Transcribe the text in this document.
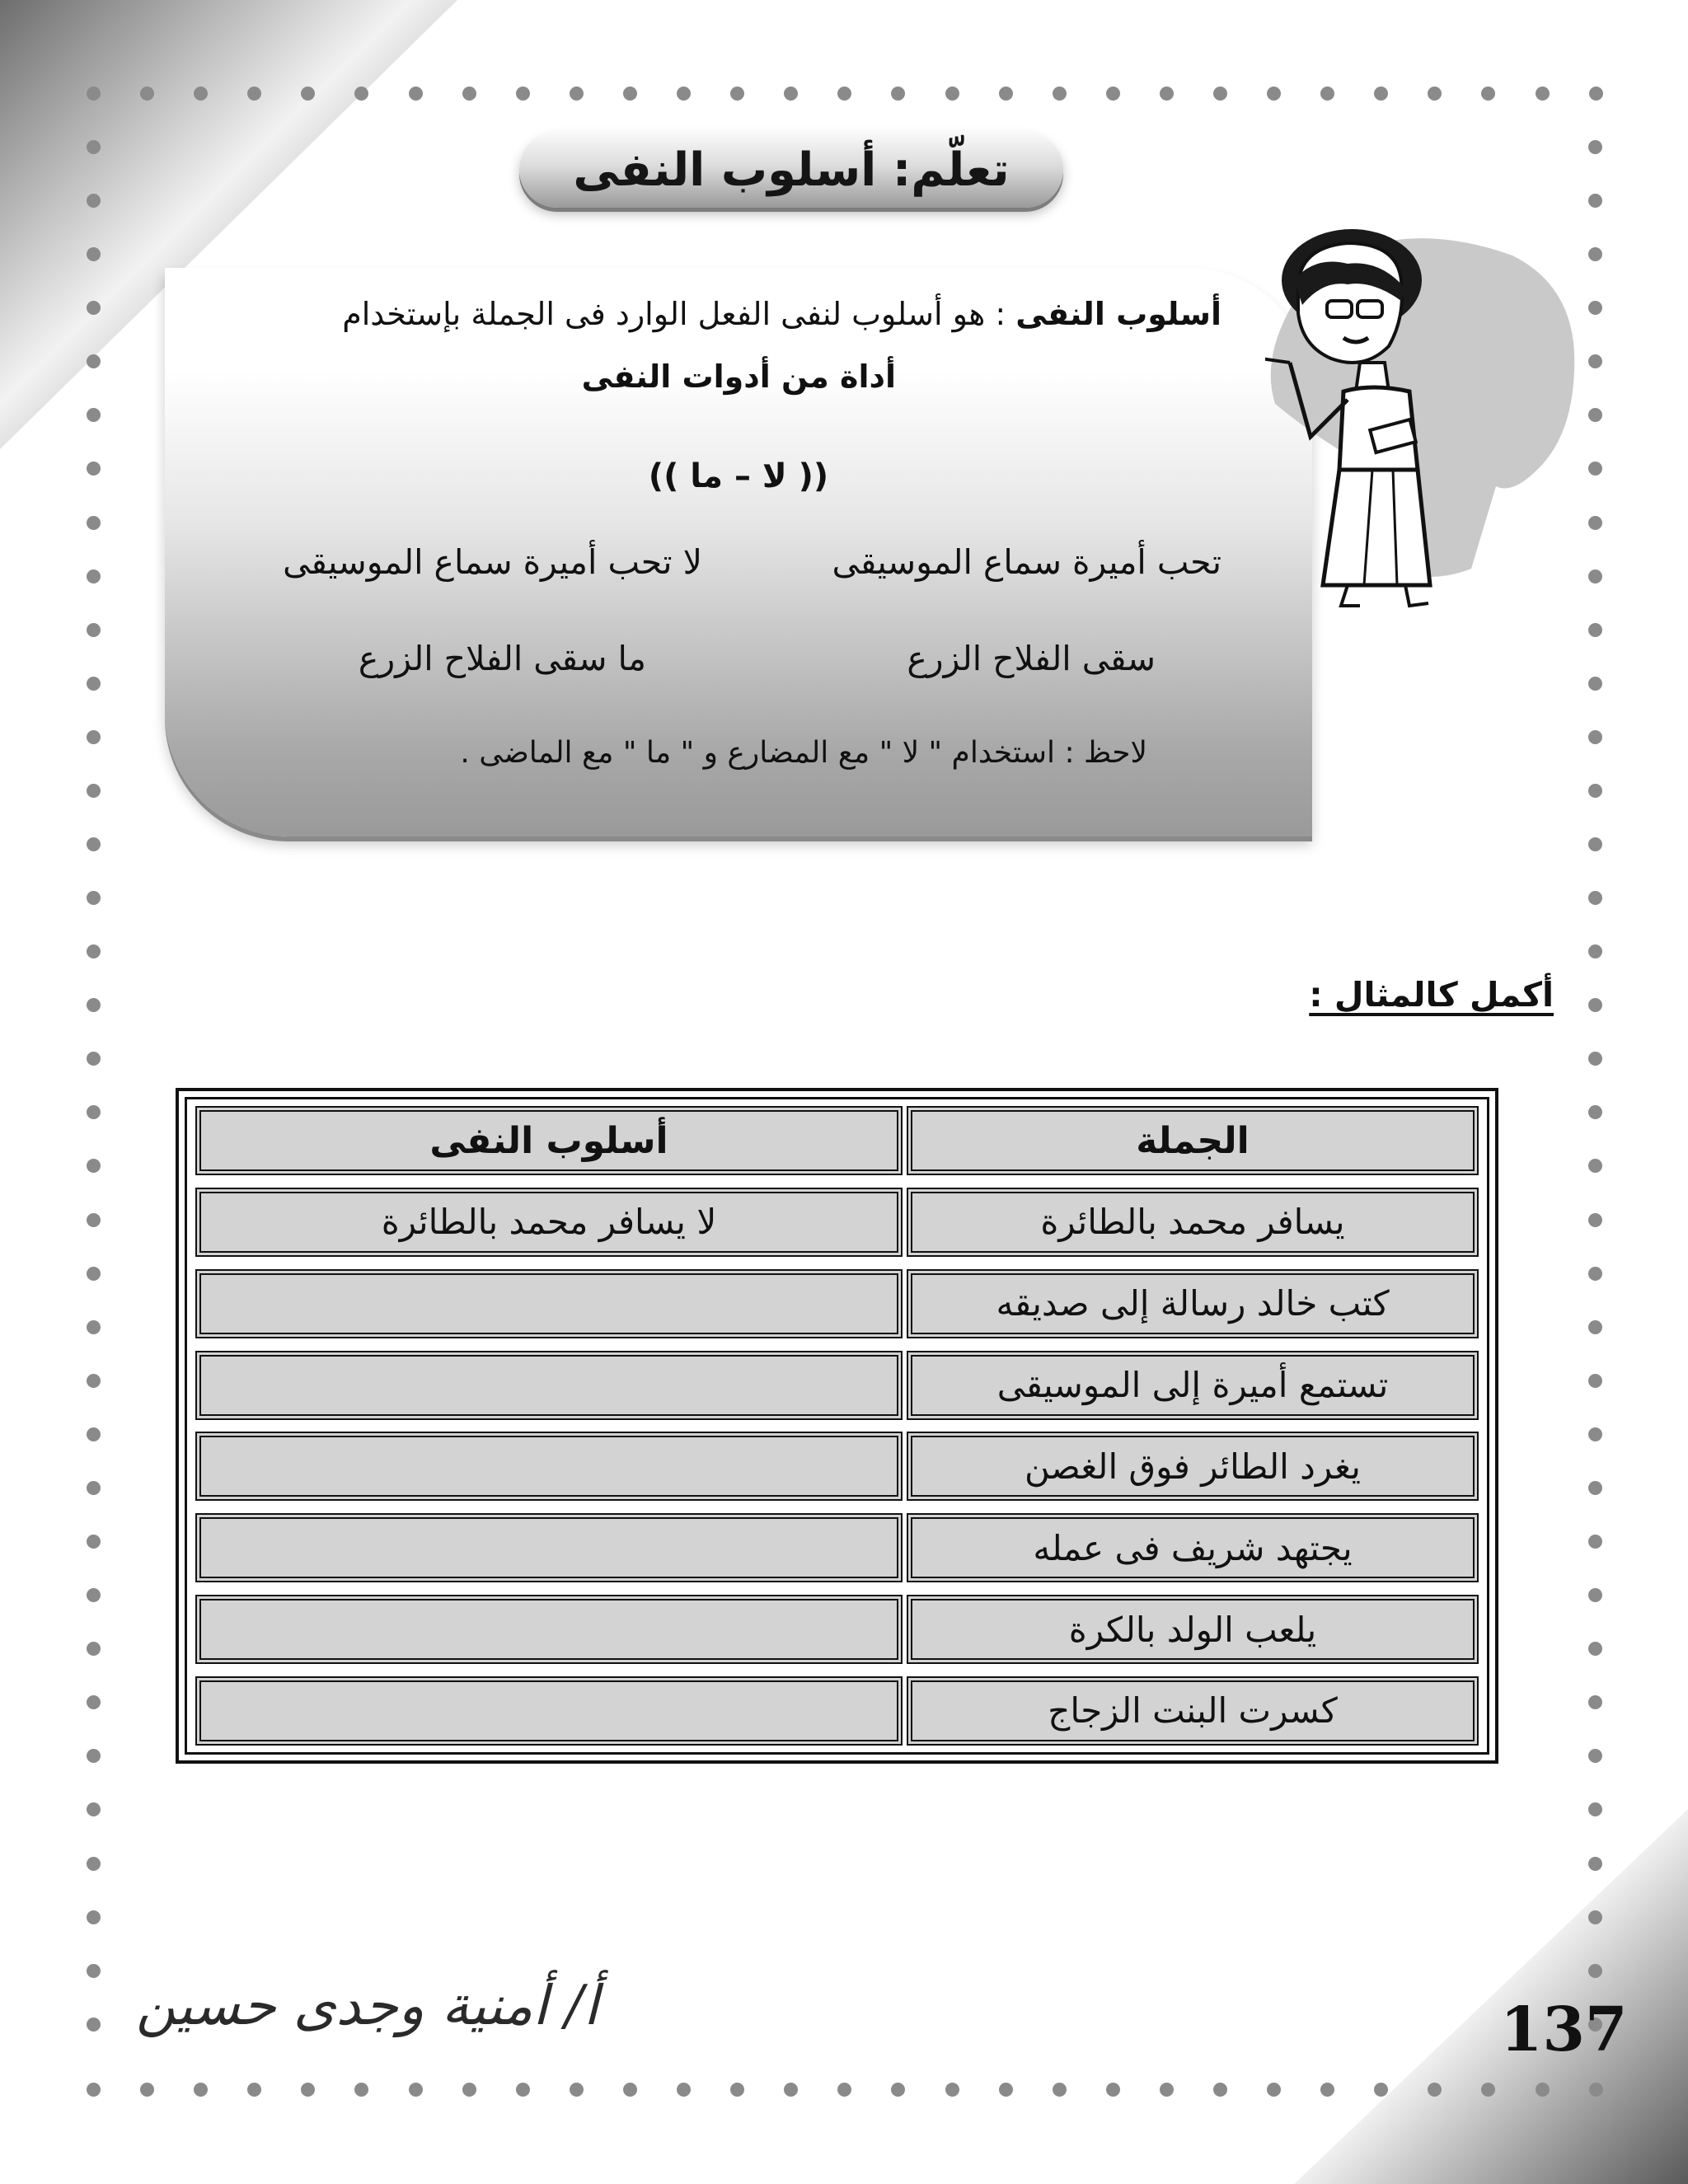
تعلّم: أسلوب النفى
أسلوب النفى : هو أسلوب لنفى الفعل الوارد فى الجملة بإستخدام
أداة من أدوات النفى
(( لا – ما ))
تحب أميرة سماع الموسيقى
لا تحب أميرة سماع الموسيقى
سقى الفلاح الزرع
ما سقى الفلاح الزرع
لاحظ : استخدام " لا " مع المضارع و " ما " مع الماضى .
أكمل كالمثال :
الجملة
أسلوب النفى
يسافر محمد بالطائرة
لا يسافر محمد بالطائرة
كتب خالد رسالة إلى صديقه
تستمع أميرة إلى الموسيقى
يغرد الطائر فوق الغصن
يجتهد شريف فى عمله
يلعب الولد بالكرة
كسرت البنت الزجاج
أ/ أمنية وجدى حسين	137
